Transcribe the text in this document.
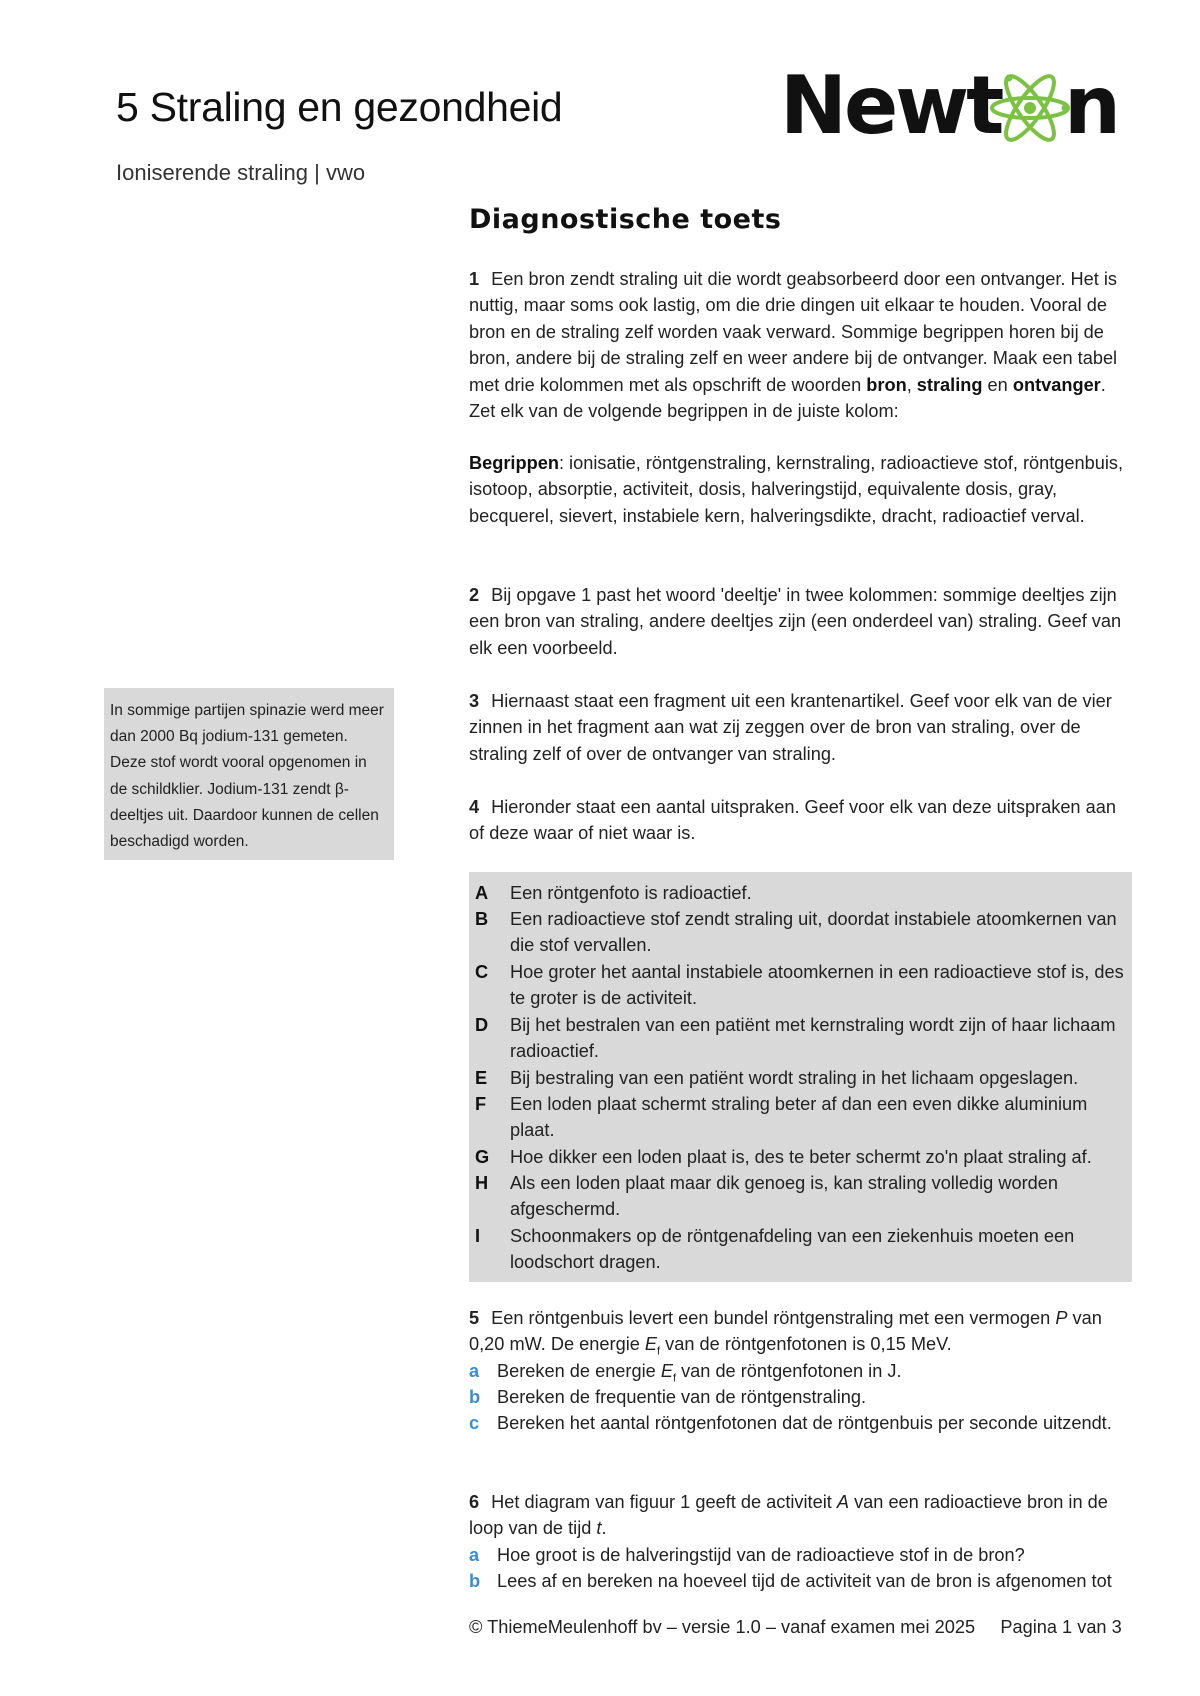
5 Straling en gezondheid
Ioniserende straling | vwo
Newt n
Diagnostische toets
1 Een bron zendt straling uit die wordt geabsorbeerd door een ontvanger. Het is nuttig, maar soms ook lastig, om die drie dingen uit elkaar te houden. Vooral de bron en de straling zelf worden vaak verward. Sommige begrippen horen bij de bron, andere bij de straling zelf en weer andere bij de ontvanger. Maak een tabel met drie kolommen met als opschrift de woorden bron, straling en ontvanger. Zet elk van de volgende begrippen in de juiste kolom:
Begrippen: ionisatie, röntgenstraling, kernstraling, radioactieve stof, röntgenbuis, isotoop, absorptie, activiteit, dosis, halveringstijd, equivalente dosis, gray, becquerel, sievert, instabiele kern, halveringsdikte, dracht, radioactief verval.
2 Bij opgave 1 past het woord 'deeltje' in twee kolommen: sommige deeltjes zijn een bron van straling, andere deeltjes zijn (een onderdeel van) straling. Geef van elk een voorbeeld.
In sommige partijen spinazie werd meer dan 2000 Bq jodium-131 gemeten. Deze stof wordt vooral opgenomen in de schildklier. Jodium-131 zendt β-deeltjes uit. Daardoor kunnen de cellen beschadigd worden.
3 Hiernaast staat een fragment uit een krantenartikel. Geef voor elk van de vier zinnen in het fragment aan wat zij zeggen over de bron van straling, over de straling zelf of over de ontvanger van straling.
4 Hieronder staat een aantal uitspraken. Geef voor elk van deze uitspraken aan of deze waar of niet waar is.
A Een röntgenfoto is radioactief.
B Een radioactieve stof zendt straling uit, doordat instabiele atoomkernen van die stof vervallen.
C Hoe groter het aantal instabiele atoomkernen in een radioactieve stof is, des te groter is de activiteit.
D Bij het bestralen van een patiënt met kernstraling wordt zijn of haar lichaam radioactief.
E Bij bestraling van een patiënt wordt straling in het lichaam opgeslagen.
F Een loden plaat schermt straling beter af dan een even dikke aluminium plaat.
G Hoe dikker een loden plaat is, des te beter schermt zo'n plaat straling af.
H Als een loden plaat maar dik genoeg is, kan straling volledig worden afgeschermd.
I Schoonmakers op de röntgenafdeling van een ziekenhuis moeten een loodschort dragen.
5 Een röntgenbuis levert een bundel röntgenstraling met een vermogen P van 0,20 mW. De energie $E_f$ van de röntgenfotonen is 0,15 MeV.
a Bereken de energie $E_f$ van de röntgenfotonen in J.
b Bereken de frequentie van de röntgenstraling.
c Bereken het aantal röntgenfotonen dat de röntgenbuis per seconde uitzendt.
6 Het diagram van figuur 1 geeft de activiteit A van een radioactieve bron in de loop van de tijd t.
a Hoe groot is de halveringstijd van de radioactieve stof in de bron?
b Lees af en bereken na hoeveel tijd de activiteit van de bron is afgenomen tot
© ThiemeMeulenhoff bv – versie 1.0 – vanaf examen mei 2025     Pagina 1 van 3
